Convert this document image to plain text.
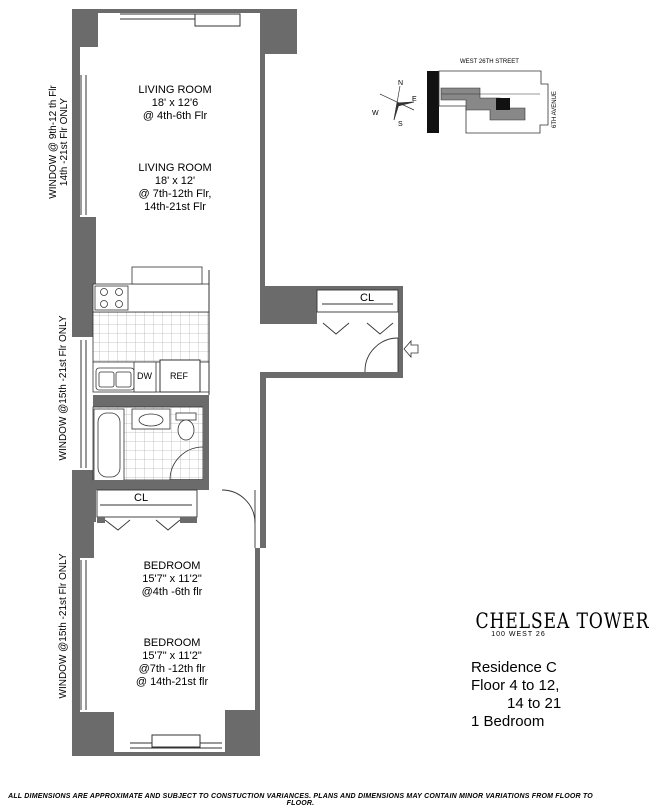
LIVING ROOM
18' x 12'6
@ 4th-6th Flr
LIVING ROOM
18' x 12'
@ 7th-12th Flr,
14th-21st Flr
BEDROOM
15'7" x 11'2"
@4th -6th flr
BEDROOM
15'7" x 11'2"
@7th -12th flr
@ 14th-21st flr
CL
CL
DW REF
WINDOW @ 9th-12 th Flr 14th -21st Flr ONLY
WINDOW @15th -21st Flr ONLY
WINDOW @15th -21st Flr ONLY
WEST 26TH STREET
6TH AVENUE
N
S
E
W
CHELSEA TOWER
100 WEST 26
Residence C
Floor 4 to 12,
14 to 21
1 Bedroom
ALL DIMENSIONS ARE APPROXIMATE AND SUBJECT TO CONSTUCTION VARIANCES. PLANS AND DIMENSIONS MAY CONTAIN MINOR VARIATIONS FROM FLOOR TO FLOOR.
